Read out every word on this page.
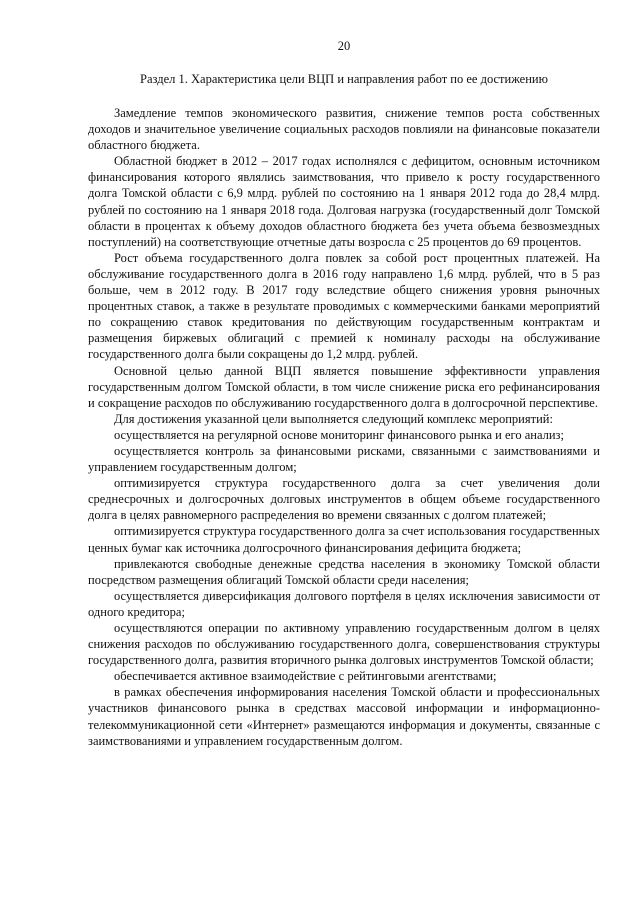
20
Раздел 1. Характеристика цели ВЦП и направления работ по ее достижению

Замедление темпов экономического развития, снижение темпов роста собственных доходов и значительное увеличение социальных расходов повлияли на финансовые показатели областного бюджета.

Областной бюджет в 2012 – 2017 годах исполнялся с дефицитом, основным источником финансирования которого являлись заимствования, что привело к росту государственного долга Томской области с 6,9 млрд. рублей по состоянию на 1 января 2012 года до 28,4 млрд. рублей по состоянию на 1 января 2018 года. Долговая нагрузка (государственный долг Томской области в процентах к объему доходов областного бюджета без учета объема безвозмездных поступлений) на соответствующие отчетные даты возросла с 25 процентов до 69 процентов.

Рост объема государственного долга повлек за собой рост процентных платежей. На обслуживание государственного долга в 2016 году направлено 1,6 млрд. рублей, что в 5 раз больше, чем в 2012 году. В 2017 году вследствие общего снижения уровня рыночных процентных ставок, а также в результате проводимых с коммерческими банками мероприятий по сокращению ставок кредитования по действующим государственным контрактам и размещения биржевых облигаций с премией к номиналу расходы на обслуживание государственного долга были сокращены до 1,2 млрд. рублей.

Основной целью данной ВЦП является повышение эффективности управления государственным долгом Томской области, в том числе снижение риска его рефинансирования и сокращение расходов по обслуживанию государственного долга в долгосрочной перспективе.

Для достижения указанной цели выполняется следующий комплекс мероприятий:

осуществляется на регулярной основе мониторинг финансового рынка и его анализ;

осуществляется контроль за финансовыми рисками, связанными с заимствованиями и управлением государственным долгом;

оптимизируется структура государственного долга за счет увеличения доли среднесрочных и долгосрочных долговых инструментов в общем объеме государственного долга в целях равномерного распределения во времени связанных с долгом платежей;

оптимизируется структура государственного долга за счет использования государственных ценных бумаг как источника долгосрочного финансирования дефицита бюджета;

привлекаются свободные денежные средства населения в экономику Томской области посредством размещения облигаций Томской области среди населения;

осуществляется диверсификация долгового портфеля в целях исключения зависимости от одного кредитора;

осуществляются операции по активному управлению государственным долгом в целях снижения расходов по обслуживанию государственного долга, совершенствования структуры государственного долга, развития вторичного рынка долговых инструментов Томской области;

обеспечивается активное взаимодействие с рейтинговыми агентствами;

в рамках обеспечения информирования населения Томской области и профессиональных участников финансового рынка в средствах массовой информации и информационно-телекоммуникационной сети «Интернет» размещаются информация и документы, связанные с заимствованиями и управлением государственным долгом.
